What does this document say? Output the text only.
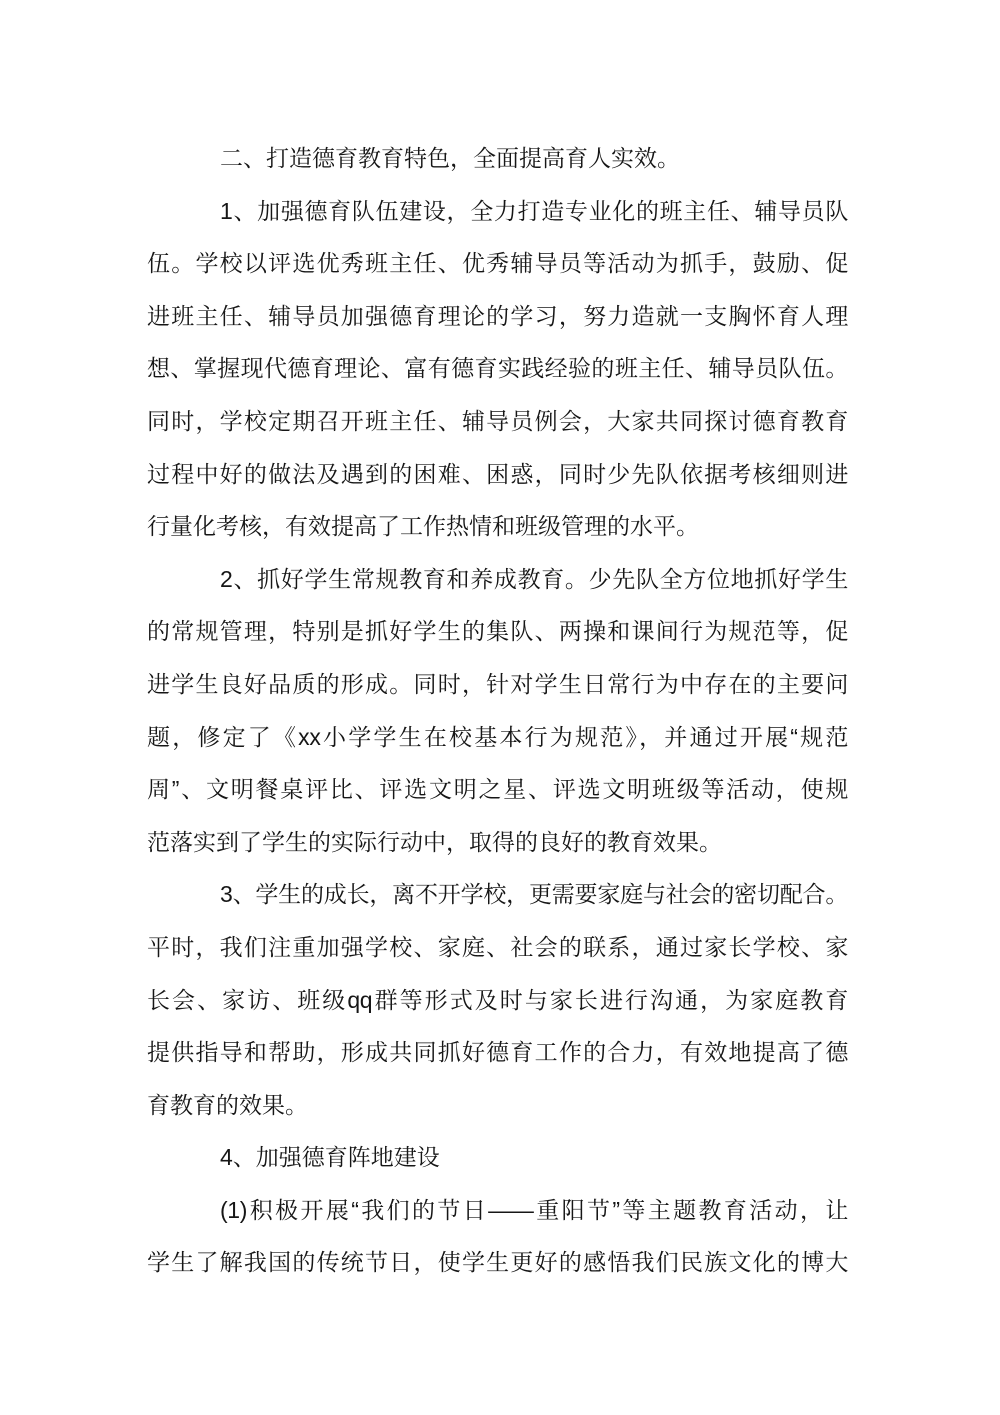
二、打造德育教育特色，全面提高育人实效。
1、加强德育队伍建设，全力打造专业化的班主任、辅导员队
伍。学校以评选优秀班主任、优秀辅导员等活动为抓手，鼓励、促
进班主任、辅导员加强德育理论的学习，努力造就一支胸怀育人理
想、掌握现代德育理论、富有德育实践经验的班主任、辅导员队伍。
同时，学校定期召开班主任、辅导员例会，大家共同探讨德育教育
过程中好的做法及遇到的困难、困惑，同时少先队依据考核细则进
行量化考核，有效提高了工作热情和班级管理的水平。
2、抓好学生常规教育和养成教育。少先队全方位地抓好学生
的常规管理，特别是抓好学生的集队、两操和课间行为规范等，促
进学生良好品质的形成。同时，针对学生日常行为中存在的主要问
题，修定了《xx小学学生在校基本行为规范》，并通过开展“规范
周”、文明餐桌评比、评选文明之星、评选文明班级等活动，使规
范落实到了学生的实际行动中，取得的良好的教育效果。
3、学生的成长，离不开学校，更需要家庭与社会的密切配合。
平时，我们注重加强学校、家庭、社会的联系，通过家长学校、家
长会、家访、班级qq群等形式及时与家长进行沟通，为家庭教育
提供指导和帮助，形成共同抓好德育工作的合力，有效地提高了德
育教育的效果。
4、加强德育阵地建设
(1)积极开展“我们的节日——重阳节”等主题教育活动，让
学生了解我国的传统节日，使学生更好的感悟我们民族文化的博大
